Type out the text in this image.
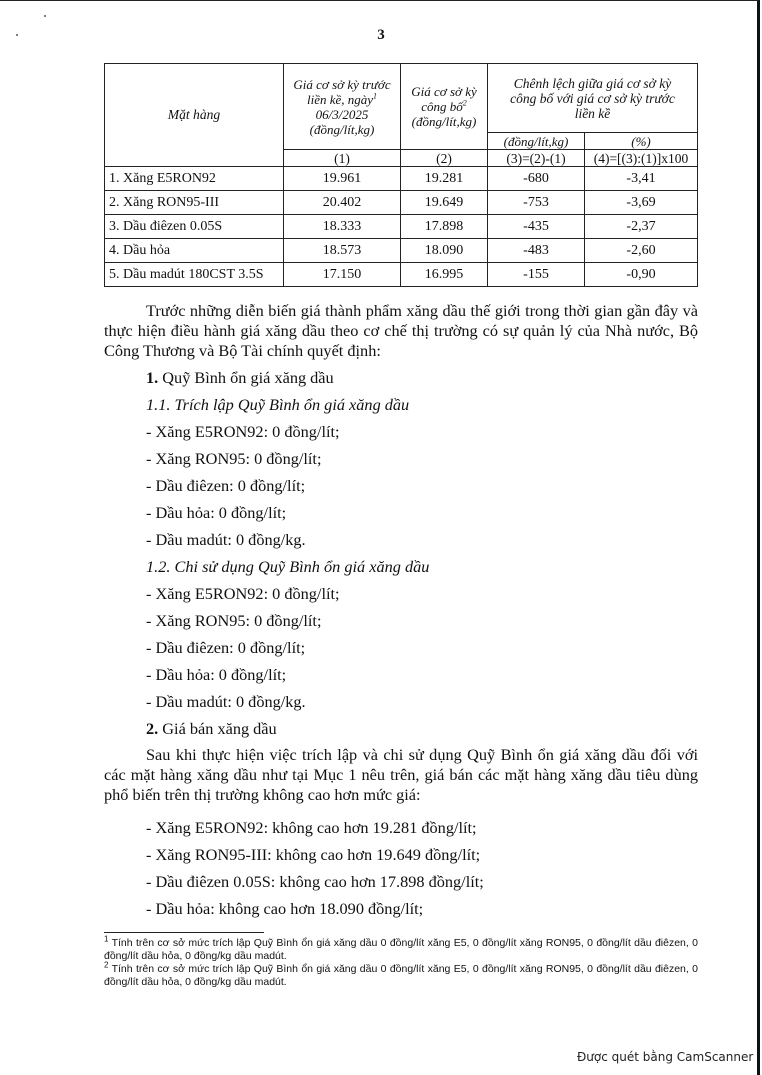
3
Mặt hàng	Giá cơ sở kỳ trước
liền kề, ngày$^1$
06/3/2025
(đồng/lít,kg)	Giá cơ sở kỳ
công bố$^2$
(đồng/lít,kg)	Chênh lệch giữa giá cơ sở kỳ
công bố với giá cơ sở kỳ trước
liền kề	
			(đồng/lít,kg)	(%)
	(1)	(2)	(3)=(2)-(1)	(4)=[(3):(1)]x100
1. Xăng E5RON92	19.961	19.281	-680	-3,41
2. Xăng RON95-III	20.402	19.649	-753	-3,69
3. Dầu điêzen 0.05S	18.333	17.898	-435	-2,37
4. Dầu hỏa	18.573	18.090	-483	-2,60
5. Dầu madút 180CST 3.5S	17.150	16.995	-155	-0,90

Trước những diễn biến giá thành phẩm xăng dầu thế giới trong thời gian gần đây và thực hiện điều hành giá xăng dầu theo cơ chế thị trường có sự quản lý của Nhà nước, Bộ Công Thương và Bộ Tài chính quyết định:

1. Quỹ Bình ổn giá xăng dầu
1.1. Trích lập Quỹ Bình ổn giá xăng dầu
- Xăng E5RON92: 0 đồng/lít;
- Xăng RON95: 0 đồng/lít;
- Dầu điêzen: 0 đồng/lít;
- Dầu hỏa: 0 đồng/lít;
- Dầu madút: 0 đồng/kg.
1.2. Chi sử dụng Quỹ Bình ổn giá xăng dầu
- Xăng E5RON92: 0 đồng/lít;
- Xăng RON95: 0 đồng/lít;
- Dầu điêzen: 0 đồng/lít;
- Dầu hỏa: 0 đồng/lít;
- Dầu madút: 0 đồng/kg.
2. Giá bán xăng dầu

Sau khi thực hiện việc trích lập và chi sử dụng Quỹ Bình ổn giá xăng dầu đối với các mặt hàng xăng dầu như tại Mục 1 nêu trên, giá bán các mặt hàng xăng dầu tiêu dùng phổ biến trên thị trường không cao hơn mức giá:

- Xăng E5RON92: không cao hơn 19.281 đồng/lít;
- Xăng RON95-III: không cao hơn 19.649 đồng/lít;
- Dầu điêzen 0.05S: không cao hơn 17.898 đồng/lít;
- Dầu hỏa: không cao hơn 18.090 đồng/lít;

$^1$ Tính trên cơ sở mức trích lập Quỹ Bình ổn giá xăng dầu 0 đồng/lít xăng E5, 0 đồng/lít xăng RON95, 0 đồng/lít dầu điêzen, 0 đồng/lít dầu hỏa, 0 đồng/kg dầu madút.

$^2$ Tính trên cơ sở mức trích lập Quỹ Bình ổn giá xăng dầu 0 đồng/lít xăng E5, 0 đồng/lít xăng RON95, 0 đồng/lít dầu điêzen, 0 đồng/lít dầu hỏa, 0 đồng/kg dầu madút.

Được quét bằng CamScanner
